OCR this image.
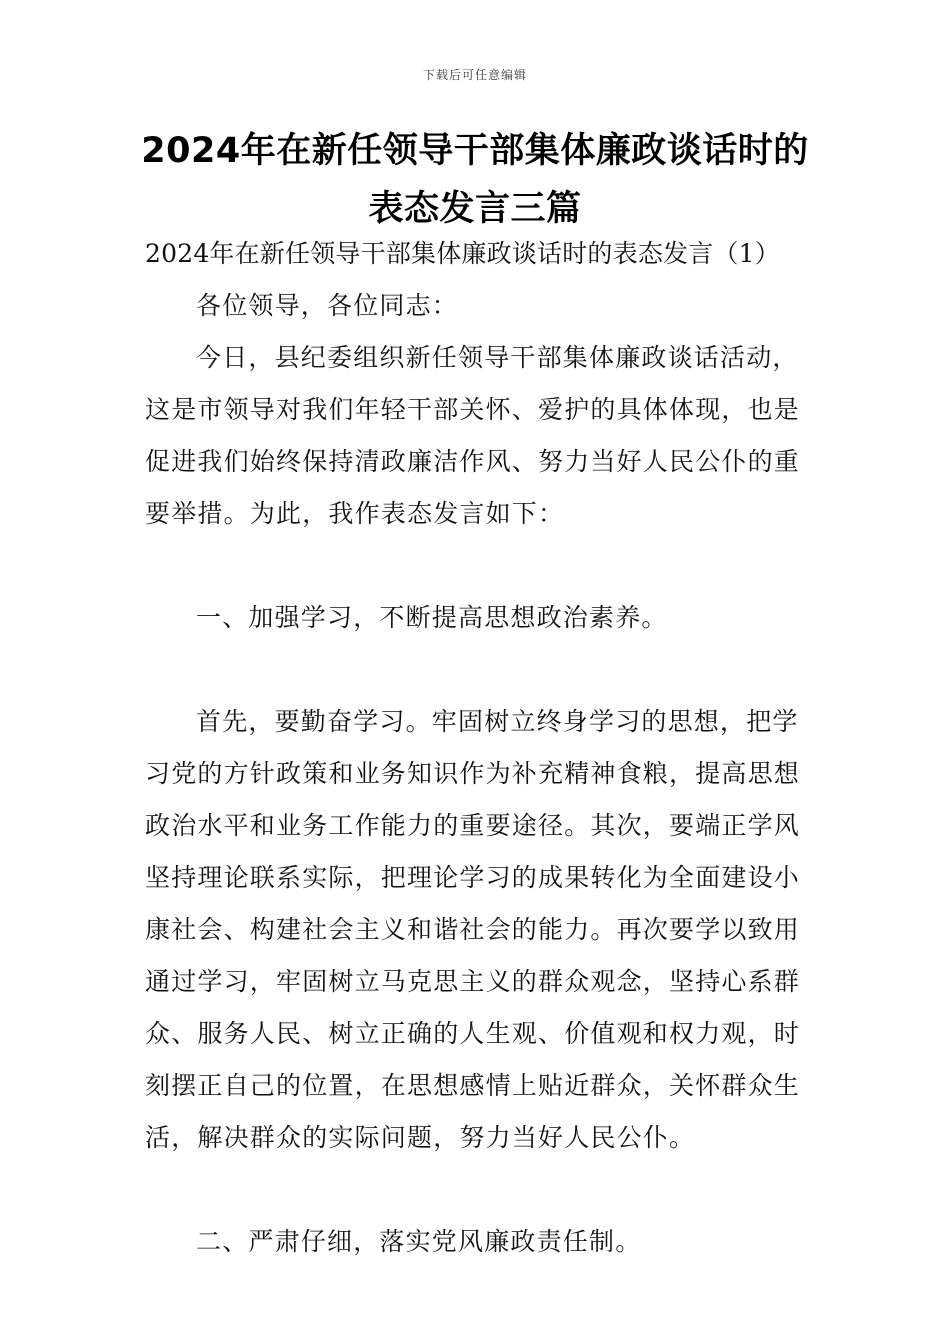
下载后可任意编辑
2024年在新任领导干部集体廉政谈话时的
表态发言三篇

2024年在新任领导干部集体廉政谈话时的表态发言（1）

各位领导，各位同志：

今日，县纪委组织新任领导干部集体廉政谈话活动，
这是市领导对我们年轻干部关怀、爱护的具体体现，也是
促进我们始终保持清政廉洁作风、努力当好人民公仆的重
要举措。为此，我作表态发言如下：

一、加强学习，不断提高思想政治素养。

首先，要勤奋学习。牢固树立终身学习的思想，把学
习党的方针政策和业务知识作为补充精神食粮，提高思想
政治水平和业务工作能力的重要途径。其次，要端正学风
坚持理论联系实际，把理论学习的成果转化为全面建设小
康社会、构建社会主义和谐社会的能力。再次要学以致用
通过学习，牢固树立马克思主义的群众观念，坚持心系群
众、服务人民、树立正确的人生观、价值观和权力观，时
刻摆正自己的位置，在思想感情上贴近群众，关怀群众生
活，解决群众的实际问题，努力当好人民公仆。

二、严肃仔细，落实党风廉政责任制。
